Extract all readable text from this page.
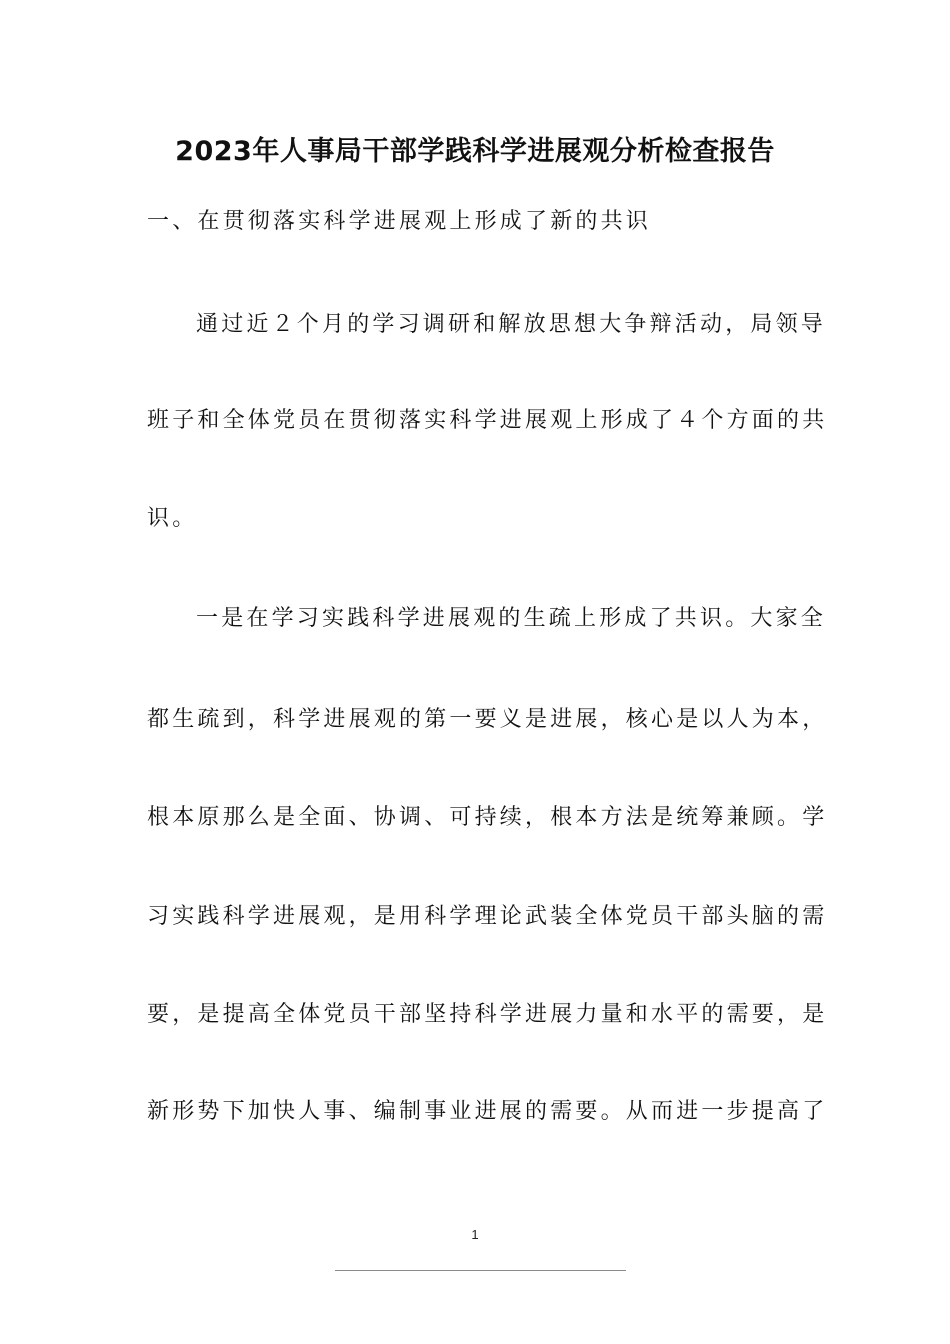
2023年人事局干部学践科学进展观分析检查报告

一、在贯彻落实科学进展观上形成了新的共识

通过近２个月的学习调研和解放思想大争辩活动，局领导

班子和全体党员在贯彻落实科学进展观上形成了４个方面的共

识。

一是在学习实践科学进展观的生疏上形成了共识。大家全

都生疏到，科学进展观的第一要义是进展，核心是以人为本，

根本原那么是全面、协调、可持续，根本方法是统筹兼顾。学

习实践科学进展观，是用科学理论武装全体党员干部头脑的需

要，是提高全体党员干部坚持科学进展力量和水平的需要，是

新形势下加快人事、编制事业进展的需要。从而进一步提高了

1
